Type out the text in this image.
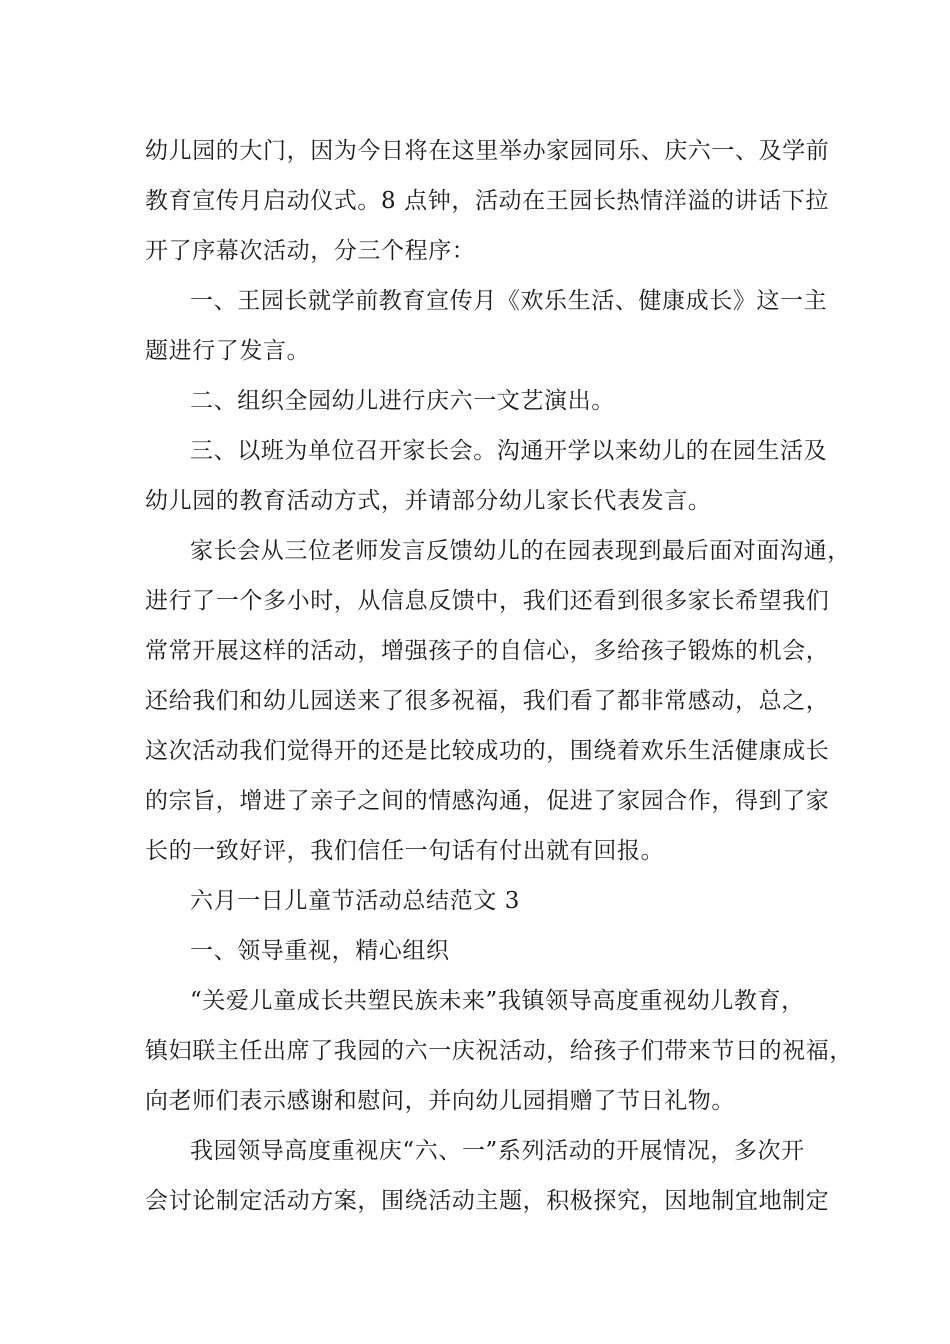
幼儿园的大门，因为今日将在这里举办家园同乐、庆六一、及学前
教育宣传月启动仪式。8 点钟，活动在王园长热情洋溢的讲话下拉
开了序幕次活动，分三个程序：
一、王园长就学前教育宣传月《欢乐生活、健康成长》这一主
题进行了发言。
二、组织全园幼儿进行庆六一文艺演出。
三、以班为单位召开家长会。沟通开学以来幼儿的在园生活及
幼儿园的教育活动方式，并请部分幼儿家长代表发言。
家长会从三位老师发言反馈幼儿的在园表现到最后面对面沟通，
进行了一个多小时，从信息反馈中，我们还看到很多家长希望我们
常常开展这样的活动，增强孩子的自信心，多给孩子锻炼的机会，
还给我们和幼儿园送来了很多祝福，我们看了都非常感动，总之，
这次活动我们觉得开的还是比较成功的，围绕着欢乐生活健康成长
的宗旨，增进了亲子之间的情感沟通，促进了家园合作，得到了家
长的一致好评，我们信任一句话有付出就有回报。
六月一日儿童节活动总结范文 3
一、领导重视，精心组织
“关爱儿童成长共塑民族未来”我镇领导高度重视幼儿教育，
镇妇联主任出席了我园的六一庆祝活动，给孩子们带来节日的祝福，
向老师们表示感谢和慰问，并向幼儿园捐赠了节日礼物。
我园领导高度重视庆“六、一”系列活动的开展情况，多次开
会讨论制定活动方案，围绕活动主题，积极探究，因地制宜地制定
